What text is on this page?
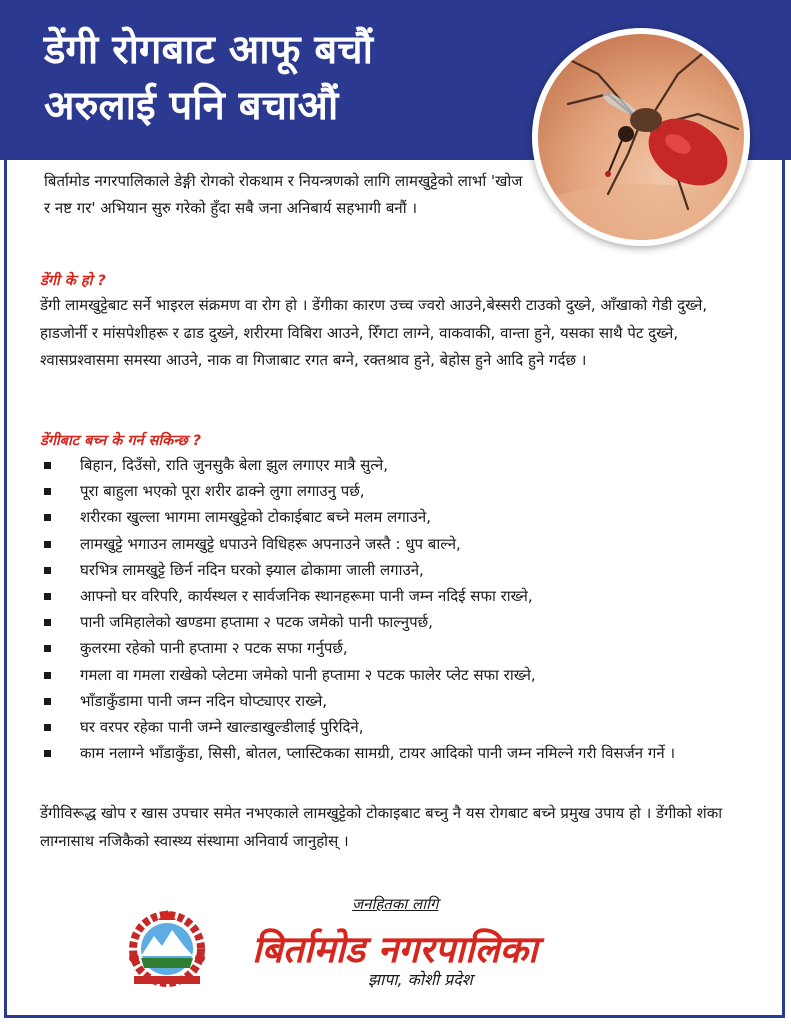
डेंगी रोगबाट आफू बचौं
अरुलाई पनि बचाऔं
बिर्तामोड नगरपालिकाले डेङ्गी रोगको रोकथाम र नियन्त्रणको लागि लामखुट्टेको लार्भा 'खोज र नष्ट गर' अभियान सुरु गरेको हुँदा सबै जना अनिबार्य सहभागी बनौं ।
डेंगी के हो ?
डेंगी लामखुट्टेबाट सर्ने भाइरल संक्रमण वा रोग हो । डेंगीका कारण उच्च ज्वरो आउने,बेस्सरी टाउको दुख्ने, आँखाको गेडी दुख्ने, हाडजोर्नी र मांसपेशीहरू र ढाड दुख्ने, शरीरमा विबिरा आउने, रिँगटा लाग्ने, वाकवाकी, वान्ता हुने, यसका साथै पेट दुख्ने, श्वासप्रश्वासमा समस्या आउने, नाक वा गिजाबाट रगत बग्ने, रक्तश्राव हुने, बेहोस हुने आदि हुने गर्दछ ।
डेंगीबाट बच्न के गर्न सकिन्छ ?
बिहान, दिउँसो, राति जुनसुकै बेला झुल लगाएर मात्रै सुत्ने,
पूरा बाहुला भएको पूरा शरीर ढाक्ने लुगा लगाउनु पर्छ,
शरीरका खुल्ला भागमा लामखुट्टेको टोकाईबाट बच्ने मलम लगाउने,
लामखुट्टे भगाउन लामखुट्टे धपाउने विधिहरू अपनाउने जस्तै : धुप बाल्ने,
घरभित्र लामखुट्टे छिर्न नदिन घरको झ्याल ढोकामा जाली लगाउने,
आफ्नो घर वरिपरि, कार्यस्थल र सार्वजनिक स्थानहरूमा पानी जम्न नदिई सफा राख्ने,
पानी जमिहालेको खण्डमा हप्तामा २ पटक जमेको पानी फाल्नुपर्छ,
कुलरमा रहेको पानी हप्तामा २ पटक सफा गर्नुपर्छ,
गमला वा गमला राखेको प्लेटमा जमेको पानी हप्तामा २ पटक फालेर प्लेट सफा राख्ने,
भाँडाकुँडामा पानी जम्न नदिन घोप्ट्याएर राख्ने,
घर वरपर रहेका पानी जम्ने खाल्डाखुल्डीलाई पुरिदिने,
काम नलाग्ने भाँडाकुँडा, सिसी, बोतल, प्लास्टिकका सामग्री, टायर आदिको पानी जम्न नमिल्ने गरी विसर्जन गर्ने ।
डेंगीविरूद्ध खोप र खास उपचार समेत नभएकाले लामखुट्टेको टोकाइबाट बच्नु नै यस रोगबाट बच्ने प्रमुख उपाय हो । डेंगीको शंका लाग्नासाथ नजिकैको स्वास्थ्य संस्थामा अनिवार्य जानुहोस् ।
जनहितका लागि
बिर्तामोड नगरपालिका
झापा, कोशी प्रदेश
